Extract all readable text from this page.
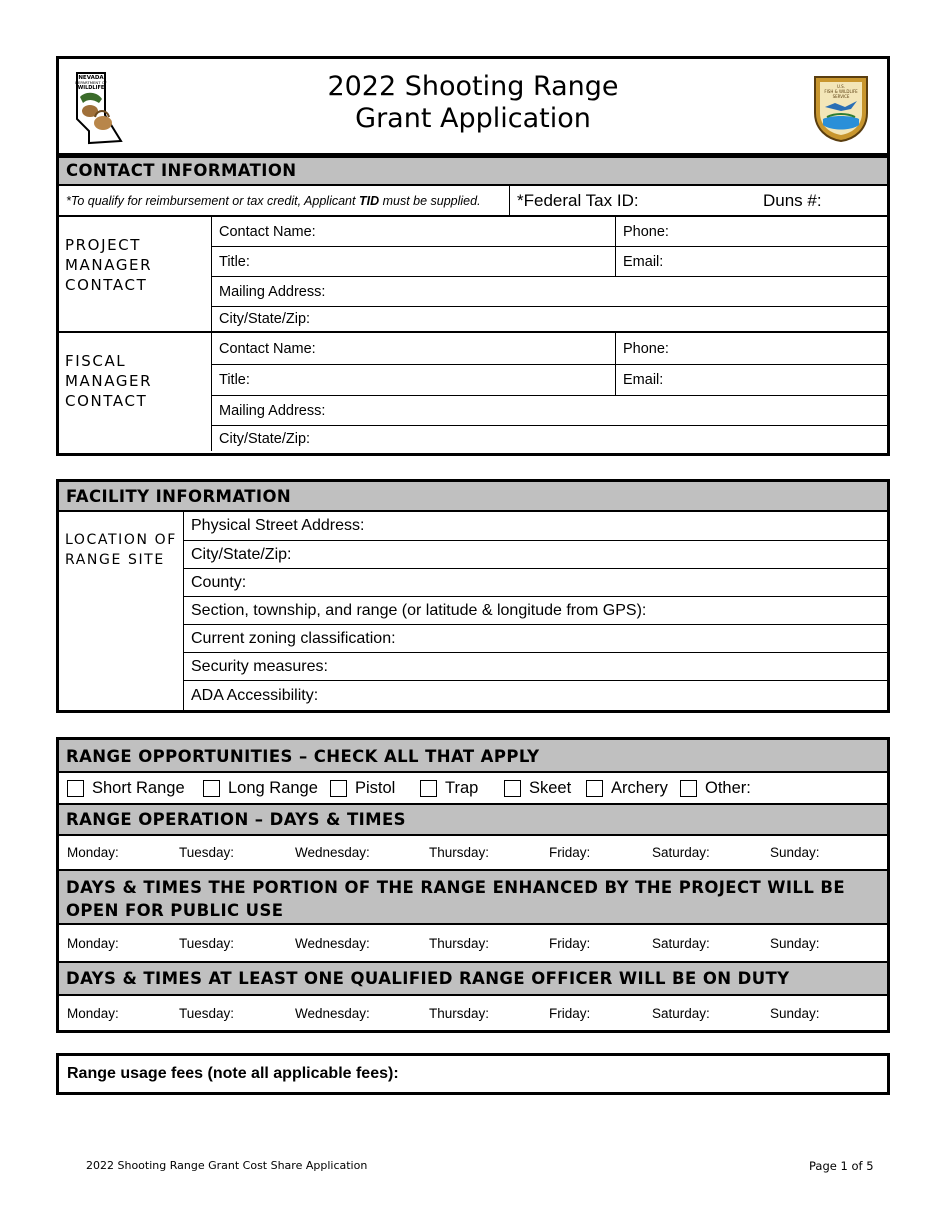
NEVADA
DEPARTMENT OF
WILDLIFE	2022 Shooting Range
Grant Application
U.S.
FISH & WILDLIFE
SERVICE
CONTACT INFORMATION
*To qualify for reimbursement or tax credit, Applicant TID must be supplied. *Federal Tax ID:	Duns #:
PROJECT
MANAGER
CONTACT
Contact Name:	Phone:
Title:	Email:
Mailing Address:
City/State/Zip:
FISCAL
MANAGER
CONTACT
Contact Name:	Phone:
Title:	Email:
Mailing Address:
City/State/Zip:
FACILITY INFORMATION
LOCATION OF
RANGE SITE
Physical Street Address:
City/State/Zip:
County:
Section, township, and range (or latitude & longitude from GPS):
Current zoning classification:
Security measures:
ADA Accessibility:
RANGE OPPORTUNITIES – CHECK ALL THAT APPLY
Short Range	Long Range Pistol	Trap	Skeet Archery Other:
RANGE OPERATION – DAYS & TIMES
Monday:	Tuesday:	Wednesday:	Thursday:	Friday:	Saturday:	Sunday:
DAYS & TIMES THE PORTION OF THE RANGE ENHANCED BY THE PROJECT WILL BE
OPEN FOR PUBLIC USE
Monday:	Tuesday:	Wednesday:	Thursday:	Friday:	Saturday:	Sunday:
DAYS & TIMES AT LEAST ONE QUALIFIED RANGE OFFICER WILL BE ON DUTY
Monday:	Tuesday:	Wednesday:	Thursday:	Friday:	Saturday:	Sunday:
Range usage fees (note all applicable fees):
2022 Shooting Range Grant Cost Share Application	Page 1 of 5
